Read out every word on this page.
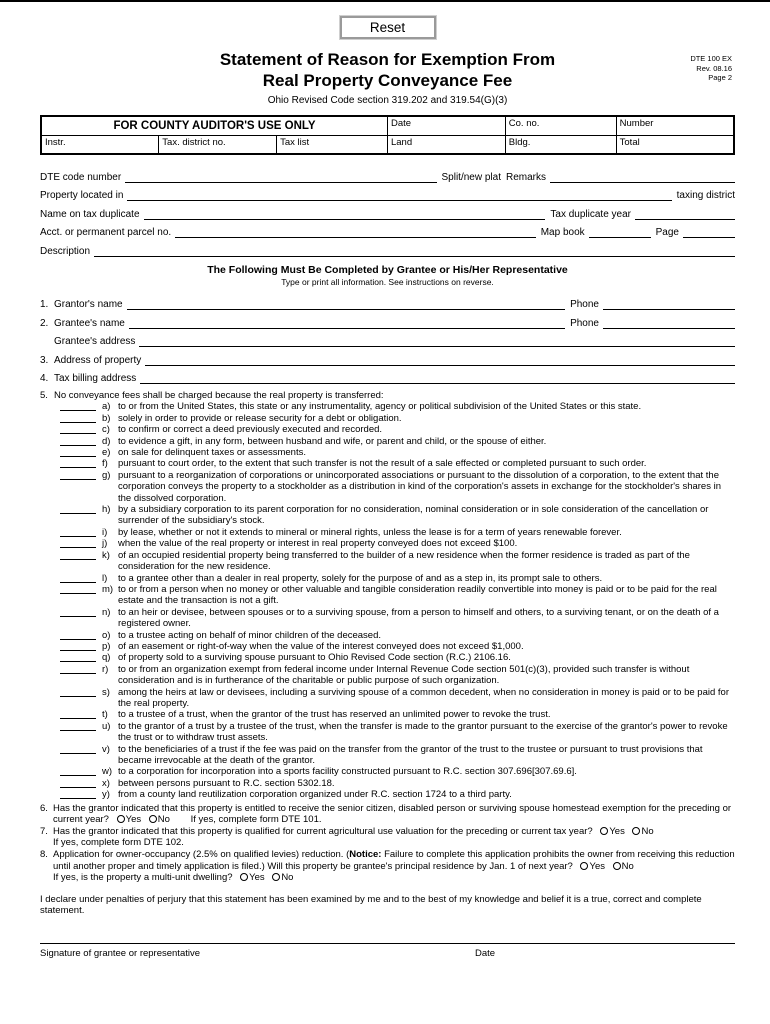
Reset
DTE 100 EX
Rev. 08.16
Page 2
Statement of Reason for Exemption From
Real Property Conveyance Fee
Ohio Revised Code section 319.202 and 319.54(G)(3)
FOR COUNTY AUDITOR'S USE ONLY			Date	Co. no.	Number
Instr.	Tax. district no.	Tax list	Land	Bldg.	Total
DTE code number	Split/new plat Remarks
Property located in	taxing district
Name on tax duplicate	Tax duplicate year
Acct. or permanent parcel no.	Map book	Page
Description
The Following Must Be Completed by Grantee or His/Her Representative
Type or print all information. See instructions on reverse.
1. Grantor's name	Phone
2. Grantee's name	Phone
Grantee's address
3. Address of property
4. Tax billing address
5. No conveyance fees shall be charged because the real property is transferred:
a) to or from the United States, this state or any instrumentality, agency or political subdivision of the United States or this state.
b) solely in order to provide or release security for a debt or obligation.
c) to confirm or correct a deed previously executed and recorded.
d) to evidence a gift, in any form, between husband and wife, or parent and child, or the spouse of either.
e) on sale for delinquent taxes or assessments.
f)	pursuant to court order, to the extent that such transfer is not the result of a sale effected or completed pursuant to such order.
g) pursuant to a reorganization of corporations or unincorporated associations or pursuant to the dissolution of a corporation, to the extent that the corporation conveys the property to a stockholder as a distribution in kind of the corporation's assets in exchange for the stockholder's shares in the dissolved corporation.
h) by a subsidiary corporation to its parent corporation for no consideration, nominal consideration or in sole consideration of the cancellation or surrender of the subsidiary's stock.
i)	by lease, whether or not it extends to mineral or mineral rights, unless the lease is for a term of years renewable forever.
j)	when the value of the real property or interest in real property conveyed does not exceed $100.
k) of an occupied residential property being transferred to the builder of a new residence when the former residence is traded as part of the consideration for the new residence.
l)	to a grantee other than a dealer in real property, solely for the purpose of and as a step in, its prompt sale to others.
m) to or from a person when no money or other valuable and tangible consideration readily convertible into money is paid or to be paid for the real estate and the transaction is not a gift.
n) to an heir or devisee, between spouses or to a surviving spouse, from a person to himself and others, to a surviving tenant, or on the death of a registered owner.
o) to a trustee acting on behalf of minor children of the deceased.
p) of an easement or right-of-way when the value of the interest conveyed does not exceed $1,000.
q) of property sold to a surviving spouse pursuant to Ohio Revised Code section (R.C.) 2106.16.
r)	to or from an organization exempt from federal income under Internal Revenue Code section 501(c)(3), provided such transfer is without consideration and is in furtherance of the charitable or public purpose of such organization.
s) among the heirs at law or devisees, including a surviving spouse of a common decedent, when no consideration in money is paid or to be paid for the real property.
t)	to a trustee of a trust, when the grantor of the trust has reserved an unlimited power to revoke the trust.
u) to the grantor of a trust by a trustee of the trust, when the transfer is made to the grantor pursuant to the exercise of the grantor's power to revoke the trust or to withdraw trust assets.
v) to the beneficiaries of a trust if the fee was paid on the transfer from the grantor of the trust to the trustee or pursuant to trust provisions that became irrevocable at the death of the grantor.
w) to a corporation for incorporation into a sports facility constructed pursuant to R.C. section 307.696[307.69.6].
x) between persons pursuant to R.C. section 5302.18.
y) from a county land reutilization corporation organized under R.C. section 1724 to a third party.
6. Has the grantor indicated that this property is entitled to receive the senior citizen, disabled person or surviving spouse homestead exemption for the preceding or current year? Yes No If yes, complete form DTE 101.
7. Has the grantor indicated that this property is qualified for current agricultural use valuation for the preceding or current tax year? Yes No
If yes, complete form DTE 102.
8. Application for owner-occupancy (2.5% on qualified levies) reduction. (Notice: Failure to complete this application prohibits the owner from receiving this reduction until another proper and timely application is filed.) Will this property be grantee's principal residence by Jan. 1 of next year? Yes No
If yes, is the property a multi-unit dwelling? Yes No
I declare under penalties of perjury that this statement has been examined by me and to the best of my knowledge and belief it is a true, correct and complete statement.
Signature of grantee or representative	Date
